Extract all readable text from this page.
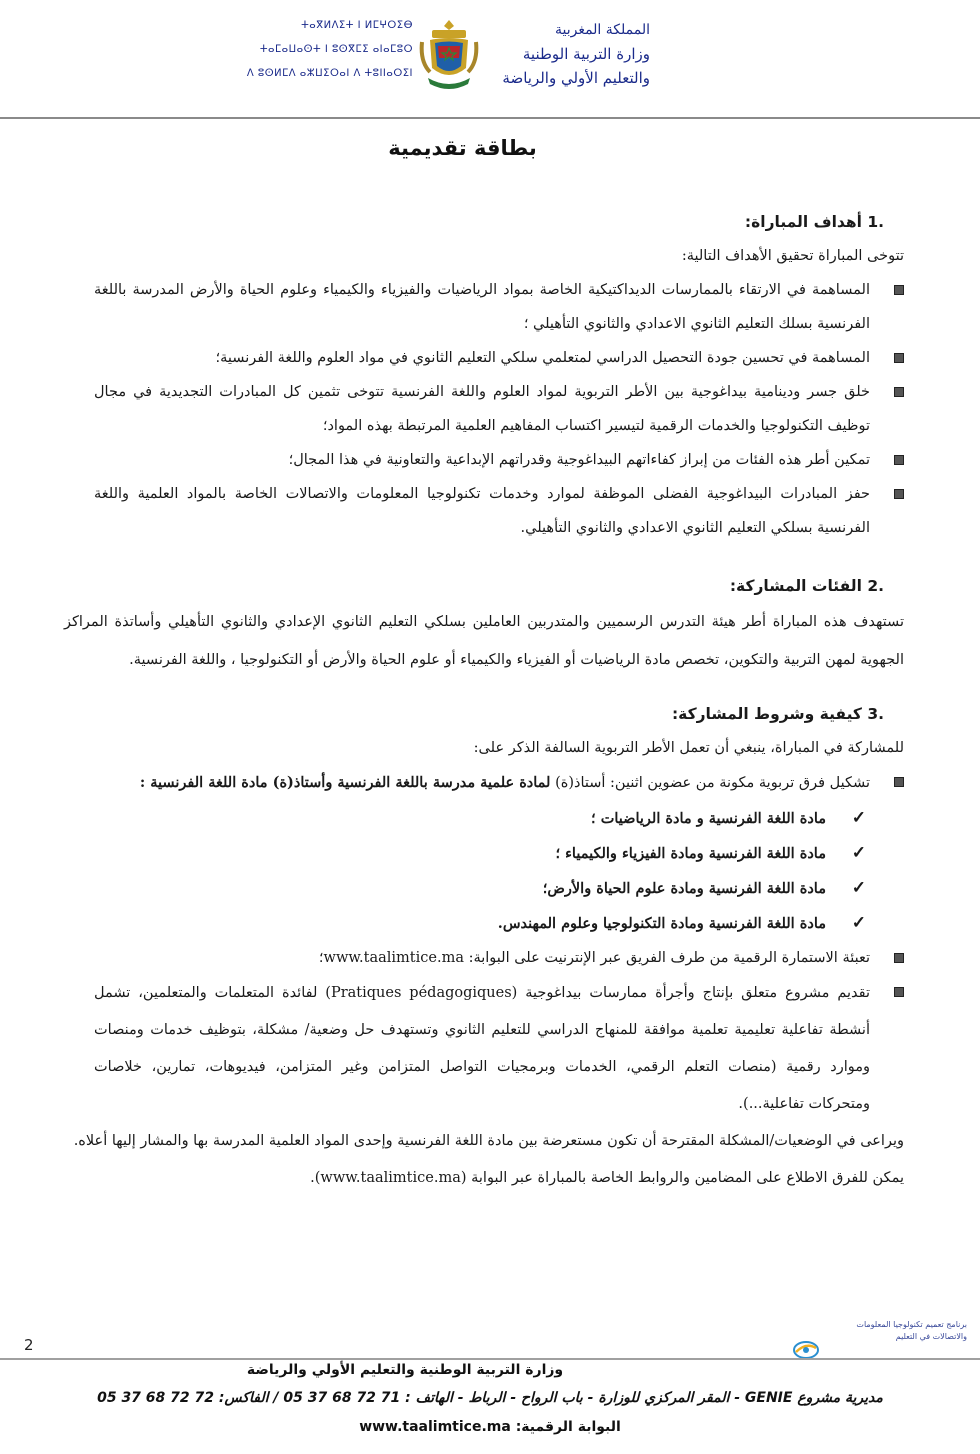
ⵜⴰⴳⵍⴷⵉⵜ ⵏ ⵍⵎⵖⵔⵉⴱ
ⵜⴰⵎⴰⵡⴰⵙⵜ ⵏ ⵓⵙⴳⵎⵉ ⴰⵏⴰⵎⵓⵔ
ⴷ ⵓⵙⵍⵎⴷ ⴰⵣⵡⵉⵔⴰⵏ ⴷ ⵜⵓⵏⵏⴰⵔⵉⵏ
المملكة المغربية
وزارة التربية الوطنية
والتعليم الأولي والرياضة
بطاقة تقديمية

1. أهداف المباراة:

تتوخى المباراة تحقيق الأهداف التالية:

المساهمة في الارتقاء بالممارسات الديداكتيكية الخاصة بمواد الرياضيات والفيزياء والكيمياء وعلوم الحياة والأرض المدرسة باللغة الفرنسية بسلك التعليم الثانوي الاعدادي والثانوي التأهيلي ؛
المساهمة في تحسين جودة التحصيل الدراسي لمتعلمي سلكي التعليم الثانوي في مواد العلوم واللغة الفرنسية؛
خلق جسر ودينامية بيداغوجية بين الأطر التربوية لمواد العلوم واللغة الفرنسية تتوخى تثمين كل المبادرات التجديدية في مجال توظيف التكنولوجيا والخدمات الرقمية لتيسير اكتساب المفاهيم العلمية المرتبطة بهذه المواد؛
تمكين أطر هذه الفئات من إبراز كفاءاتهم البيداغوجية وقدراتهم الإبداعية والتعاونية في هذا المجال؛
حفز المبادرات البيداغوجية الفضلى الموظفة لموارد وخدمات تكنولوجيا المعلومات والاتصالات الخاصة بالمواد العلمية واللغة الفرنسية بسلكي التعليم الثانوي الاعدادي والثانوي التأهيلي.

2. الفئات المشاركة:

تستهدف هذه المباراة أطر هيئة التدرس الرسميين والمتدربين العاملين بسلكي التعليم الثانوي الإعدادي والثانوي التأهيلي وأساتذة المراكز الجهوية لمهن التربية والتكوين، تخصص مادة الرياضيات أو الفيزياء والكيمياء أو علوم الحياة والأرض أو التكنولوجيا ، واللغة الفرنسية.

3. كيفية وشروط المشاركة:

للمشاركة في المباراة، ينبغي أن تعمل الأطر التربوية السالفة الذكر على:

تشكيل فرق تربوية مكونة من عضوين اثنين: أستاذ(ة) لمادة علمية مدرسة باللغة الفرنسية وأستاذ(ة) مادة اللغة الفرنسية :

✓
مادة اللغة الفرنسية و مادة الرياضيات ؛

✓
مادة اللغة الفرنسية ومادة الفيزياء والكيمياء ؛

✓
مادة اللغة الفرنسية ومادة علوم الحياة والأرض؛

✓
مادة اللغة الفرنسية ومادة التكنولوجيا وعلوم المهندس.

تعبئة الاستمارة الرقمية من طرف الفريق عبر الإنترنيت على البوابة: www.taalimtice.ma؛
تقديم مشروع متعلق بإنتاج وأجرأة ممارسات بيداغوجية (Pratiques pédagogiques) لفائدة المتعلمات والمتعلمين، تشمل أنشطة تفاعلية تعليمية تعلمية موافقة للمنهاج الدراسي للتعليم الثانوي وتستهدف حل وضعية/ مشكلة، بتوظيف خدمات ومنصات وموارد رقمية (منصات التعلم الرقمي، الخدمات وبرمجيات التواصل المتزامن وغير المتزامن، فيديوهات، تمارين، خلاصات ومتحركات تفاعلية...).

ويراعى في الوضعيات/المشكلة المقترحة أن تكون مستعرضة بين مادة اللغة الفرنسية وإحدى المواد العلمية المدرسة بها والمشار إليها أعلاه.

يمكن للفرق الاطلاع على المضامين والروابط الخاصة بالمباراة عبر البوابة (www.taalimtice.ma).

2
برنامج تعميم تكنولوجيا المعلومات
والاتصالات في التعليم
وزارة التربية الوطنية والتعليم الأولي والرياضة
مديرية مشروع GENIE - المقر المركزي للوزارة - باب الرواح - الرباط - الهاتف : 71 72 68 37 05 / الفاكس: 72 72 68 37 05
البوابة الرقمية: www.taalimtice.ma
